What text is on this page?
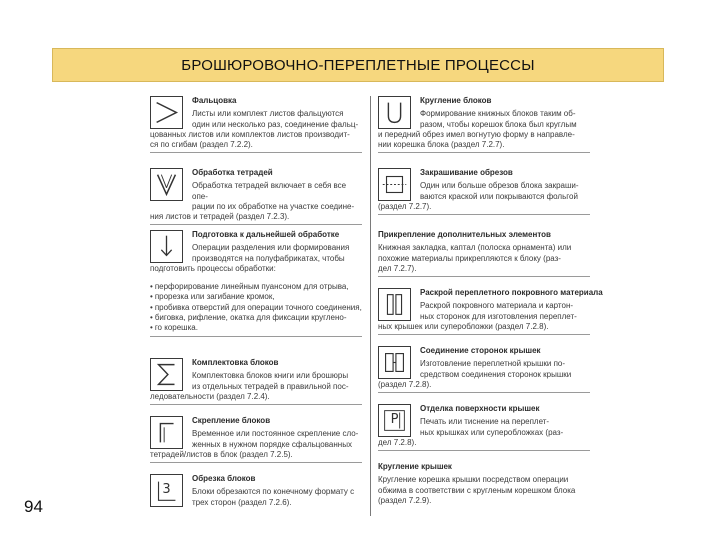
БРОШЮРОВОЧНО-ПЕРЕПЛЕТНЫЕ ПРОЦЕССЫ
94
Фальцовка
Листы или комплект листов фальцуются
один или несколько раз, соединение фальц-
цованных листов или комплектов листов производит-
ся по сгибам (раздел 7.2.2).
Обработка тетрадей
Обработка тетрадей включает в себя все опе-
рации по их обработке на участке соедине-
ния листов и тетрадей (раздел 7.2.3).
Подготовка к дальнейшей обработке
Операции разделения или формирования
производятся на полуфабрикатах, чтобы
подготовить процессы обработки:
• перфорирование линейным пуансоном для отрыва,
• прорезка или загибание кромок,
• пробивка отверстий для операции точного соединения,
• биговка, рифление, окатка для фиксации круглено-
• го корешка.
Комплектовка блоков
Комплектовка блоков книги или брошюры
из отдельных тетрадей в правильной пос-
ледовательности (раздел 7.2.4).
Скрепление блоков
Временное или постоянное скрепление сло-
женных в нужном порядке сфальцованных
тетрадей/листов в блок (раздел 7.2.5).
3
Обрезка блоков
Блоки обрезаются по конечному формату с
трех сторон (раздел 7.2.6).
Кругление блоков
Формирование книжных блоков таким об-
разом, чтобы корешок блока был круглым
и передний обрез имел вогнутую форму в направле-
нии корешка блока (раздел 7.2.7).
Закрашивание обрезов
Один или больше обрезов блока закраши-
ваются краской или покрываются фольгой
(раздел 7.2.7).
Прикрепление дополнительных элементов
Книжная закладка, каптал (полоска орнамента) или
похожие материалы прикрепляются к блоку (раз-
дел 7.2.7).
Раскрой переплетного покровного материала
Раскрой покровного материала и картон-
ных сторонок для изготовления переплет-
ных крышек или суперобложки (раздел 7.2.8).
Соединение сторонок крышек
Изготовление переплетной крышки по-
средством соединения сторонок крышки
(раздел 7.2.8).
P
Отделка поверхности крышек
Печать или тиснение на переплет-
ных крышках или суперобложках (раз-
дел 7.2.8).
Кругление крышек
Кругление корешка крышки посредством операции
обжима в соответствии с кругленым корешком блока
(раздел 7.2.9).
